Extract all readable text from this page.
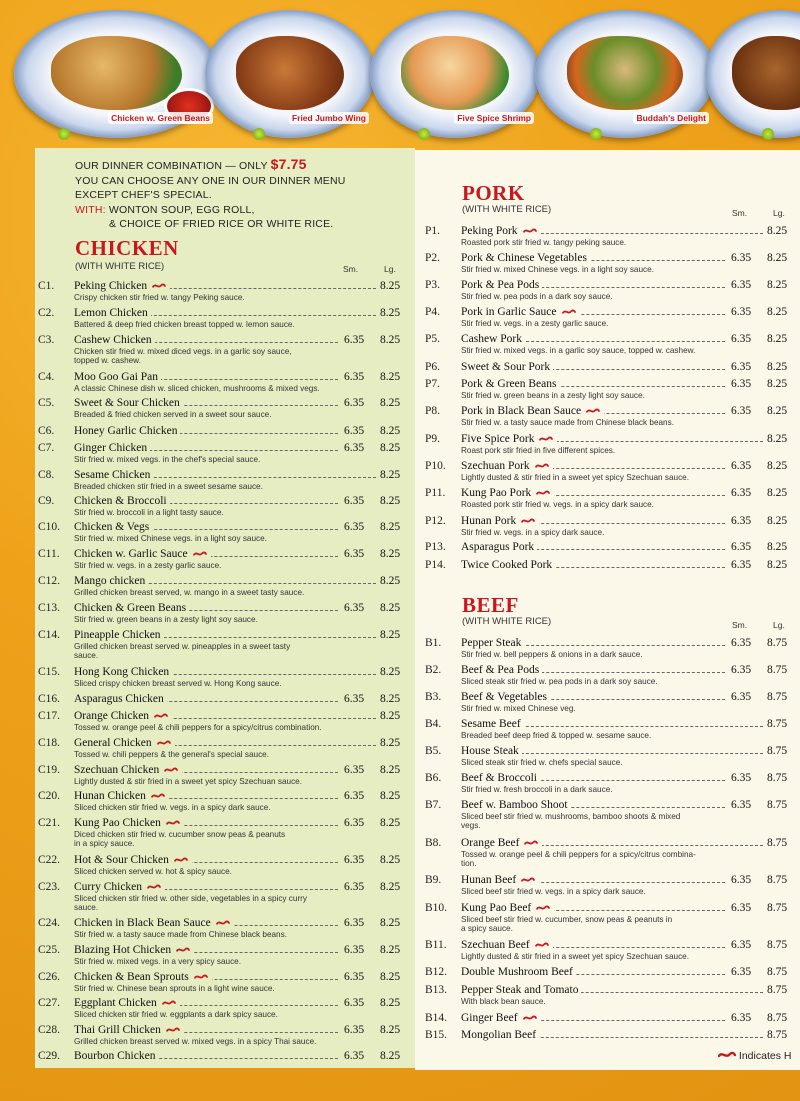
Chicken w. Green Beans	Fried Jumbo Wing	Five Spice Shrimp	Buddah's Delight
OUR DINNER COMBINATION — ONLY $7.75
YOU CAN CHOOSE ANY ONE IN OUR DINNER MENU
EXCEPT CHEF'S SPECIAL.
WITH: WONTON SOUP, EGG ROLL,
& CHOICE OF FRIED RICE OR WHITE RICE.
CHICKEN
(WITH WHITE RICE)	Sm.	Lg.
C1. Peking Chicken	8.25
Crispy chicken stir fried w. tangy Peking sauce.
C2. Lemon Chicken	8.25
Battered & deep fried chicken breast topped w. lemon sauce.
C3. Cashew Chicken	6.35 8.25
Chicken stir fried w. mixed diced vegs. in a garlic soy sauce,
topped w. cashew.
C4. Moo Goo Gai Pan	6.35 8.25
A classic Chinese dish w. sliced chicken, mushrooms & mixed vegs.
C5. Sweet & Sour Chicken	6.35 8.25
Breaded & fried chicken served in a sweet sour sauce.
C6. Honey Garlic Chicken	6.35 8.25
C7. Ginger Chicken	6.35 8.25
Stir fried w. mixed vegs. in the chef's special sauce.
C8. Sesame Chicken	8.25
Breaded chicken stir fried in a sweet sesame sauce.
C9. Chicken & Broccoli	6.35 8.25
Stir fried w. broccoli in a light tasty sauce.
C10. Chicken & Vegs	6.35 8.25
Stir fried w. mixed Chinese vegs. in a light soy sauce.
C11. Chicken w. Garlic Sauce	6.35 8.25
Stir fried w. vegs. in a zesty garlic sauce.
C12. Mango chicken	8.25
Grilled chicken breast served, w. mango in a sweet tasty sauce.
C13. Chicken & Green Beans	6.35 8.25
Stir fried w. green beans in a zesty light soy sauce.
C14. Pineapple Chicken	8.25
Grilled chicken breast served w. pineapples in a sweet tasty
sauce.
C15. Hong Kong Chicken	8.25
Sliced crispy chicken breast served w. Hong Kong sauce.
C16. Asparagus Chicken	6.35 8.25
C17. Orange Chicken	8.25
Tossed w. orange peel & chili peppers for a spicy/citrus combination.
C18. General Chicken	8.25
Tossed w. chili peppers & the general's special sauce.
C19. Szechuan Chicken	6.35 8.25
Lightly dusted & stir fried in a sweet yet spicy Szechuan sauce.
C20. Hunan Chicken	6.35 8.25
Sliced chicken stir fried w. vegs. in a spicy dark sauce.
C21. Kung Pao Chicken	6.35 8.25
Diced chicken stir fried w. cucumber snow peas & peanuts
in a spicy sauce.
C22. Hot & Sour Chicken	6.35 8.25
Sliced chicken served w. hot & spicy sauce.
C23. Curry Chicken	6.35 8.25
Sliced chicken stir fried w. other side, vegetables in a spicy curry
sauce.
C24. Chicken in Black Bean Sauce	6.35 8.25
Stir fried w. a tasty sauce made from Chinese black beans.
C25. Blazing Hot Chicken	6.35 8.25
Stir fried w. mixed vegs. in a very spicy sauce.
C26. Chicken & Bean Sprouts	6.35 8.25
Stir fried w. Chinese bean sprouts in a light wine sauce.
C27. Eggplant Chicken	6.35 8.25
Sliced chicken stir fried w. eggplants a dark spicy sauce.
C28. Thai Grill Chicken	6.35 8.25
Grilled chicken breast served w. mixed vegs. in a spicy Thai sauce.
C29. Bourbon Chicken	6.35 8.25
PORK
(WITH WHITE RICE)	Sm.	Lg.
P1. Peking Pork	8.25
Roasted pork stir fried w. tangy peking sauce.
P2. Pork & Chinese Vegetables	6.35 8.25
Stir fried w. mixed Chinese vegs. in a light soy sauce.
P3. Pork & Pea Pods	6.35 8.25
Stir fried w. pea pods in a dark soy sauce.
P4. Pork in Garlic Sauce	6.35 8.25
Stir fried w. vegs. in a zesty garlic sauce.
P5. Cashew Pork	6.35 8.25
Stir fried w. mixed vegs. in a garlic soy sauce, topped w. cashew.
P6. Sweet & Sour Pork	6.35 8.25
P7. Pork & Green Beans	6.35 8.25
Stir fried w. green beans in a zesty light soy sauce.
P8. Pork in Black Bean Sauce	6.35 8.25
Stir fried w. a tasty sauce made from Chinese black beans.
P9. Five Spice Pork	8.25
Roast pork stir fried in five different spices.
P10. Szechuan Pork	6.35 8.25
Lightly dusted & stir fried in a sweet yet spicy Szechuan sauce.
P11. Kung Pao Pork	6.35 8.25
Roasted pork stir fried w. vegs. in a spicy dark sauce.
P12. Hunan Pork	6.35 8.25
Stir fried w. vegs. in a spicy dark sauce.
P13. Asparagus Pork	6.35 8.25
P14. Twice Cooked Pork	6.35 8.25
BEEF
(WITH WHITE RICE)	Sm.	Lg.
B1. Pepper Steak	6.35 8.75
Stir fried w. bell peppers & onions in a dark sauce.
B2. Beef & Pea Pods	6.35 8.75
Sliced steak stir fried w. pea pods in a dark soy sauce.
B3. Beef & Vegetables	6.35 8.75
Stir fried w. mixed Chinese veg.
B4. Sesame Beef	8.75
Breaded beef deep fried & topped w. sesame sauce.
B5. House Steak	8.75
Sliced steak stir fried w. chefs special sauce.
B6. Beef & Broccoli	6.35 8.75
Stir fried w. fresh broccoli in a dark sauce.
B7. Beef w. Bamboo Shoot	6.35 8.75
Sliced beef stir fried w. mushrooms, bamboo shoots & mixed
vegs.
B8. Orange Beef	8.75
Tossed w. orange peel & chili peppers for a spicy/citrus combina-
tion.
B9. Hunan Beef	6.35 8.75
Sliced beef stir fried w. vegs. in a spicy dark sauce.
B10. Kung Pao Beef	6.35 8.75
Sliced beef stir fried w. cucumber, snow peas & peanuts in
a spicy sauce.
B11. Szechuan Beef	6.35 8.75
Lightly dusted & stir fried in a sweet yet spicy Szechuan sauce.
B12. Double Mushroom Beef	6.35 8.75
B13. Pepper Steak and Tomato	8.75
With black bean sauce.
B14. Ginger Beef	6.35 8.75
B15. Mongolian Beef	8.75
Indicates H
